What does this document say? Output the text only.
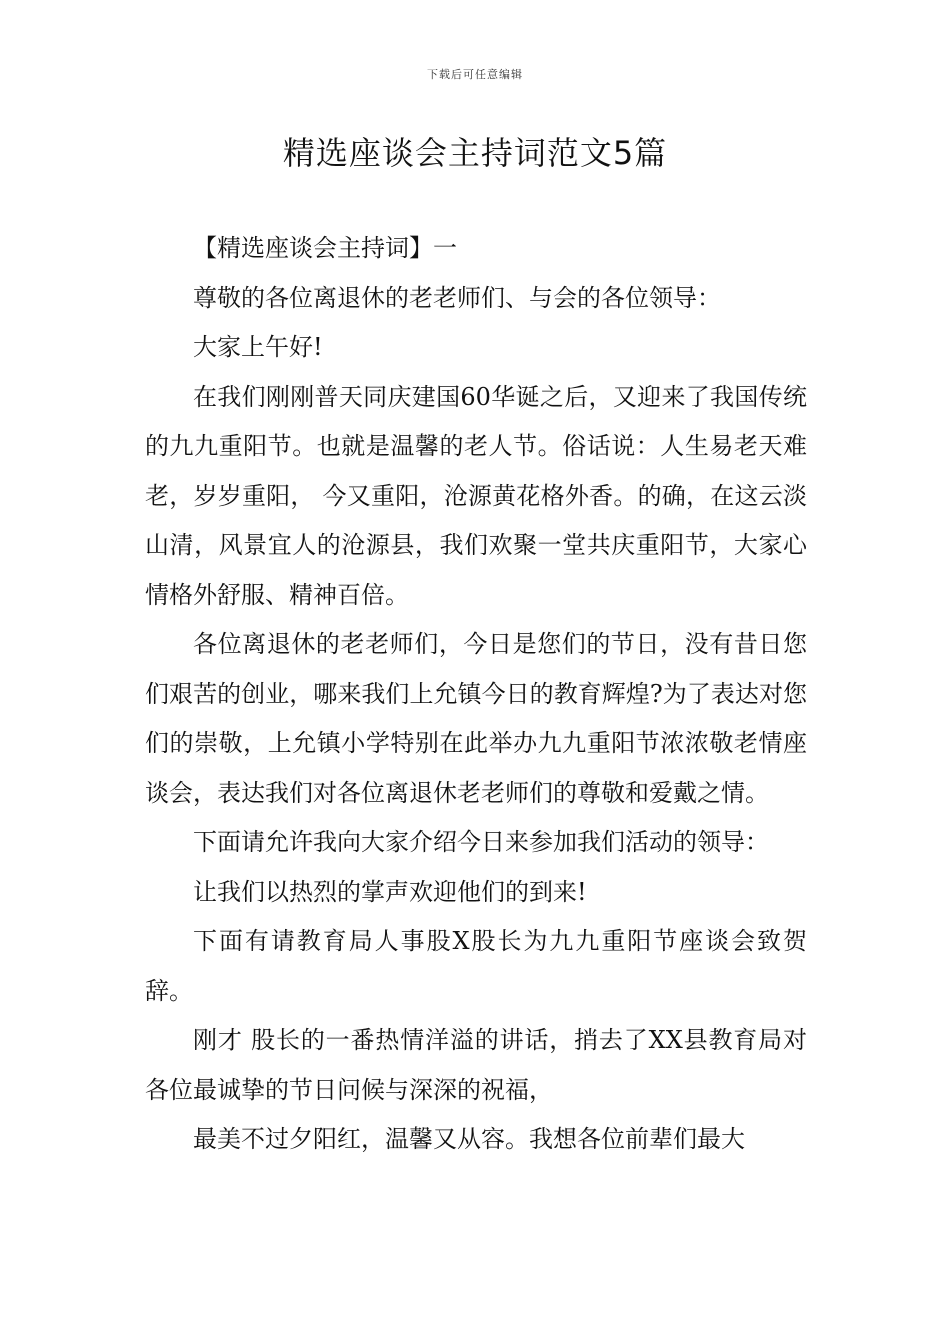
下载后可任意编辑
精选座谈会主持词范文5篇

【精选座谈会主持词】一

尊敬的各位离退休的老老师们、与会的各位领导：

大家上午好!

在我们刚刚普天同庆建国60华诞之后，又迎来了我国传统的九九重阳节。也就是温馨的老人节。俗话说：人生易老天难老，岁岁重阳， 今又重阳，沧源黄花格外香。的确，在这云淡山清，风景宜人的沧源县，我们欢聚一堂共庆重阳节，大家心情格外舒服、精神百倍。

各位离退休的老老师们，今日是您们的节日，没有昔日您们艰苦的创业，哪来我们上允镇今日的教育辉煌?为了表达对您们的崇敬，上允镇小学特别在此举办九九重阳节浓浓敬老情座谈会，表达我们对各位离退休老老师们的尊敬和爱戴之情。

下面请允许我向大家介绍今日来参加我们活动的领导：

让我们以热烈的掌声欢迎他们的到来!

下面有请教育局人事股X股长为九九重阳节座谈会致贺辞。

刚才 股长的一番热情洋溢的讲话，捎去了XX县教育局对各位最诚挚的节日问候与深深的祝福，

最美不过夕阳红，温馨又从容。我想各位前辈们最大
